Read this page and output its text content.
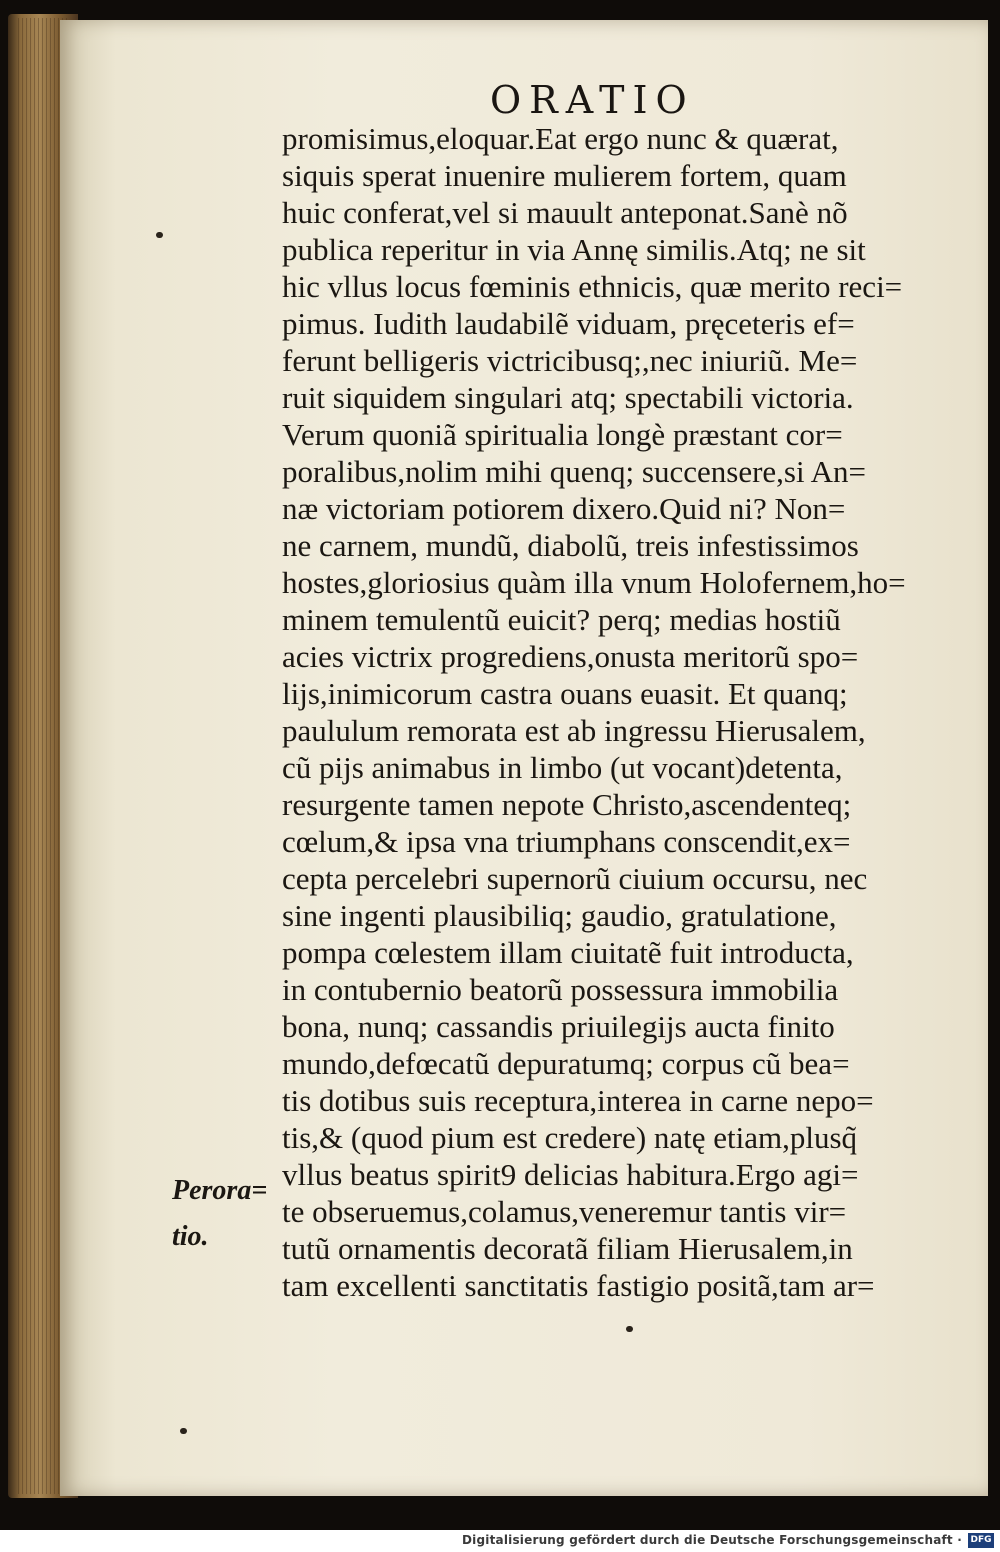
ORATIO
promisimus,eloquar.Eat ergo nunc & quærat,
siquis sperat inuenire mulierem fortem, quam
huic conferat,vel si mauult anteponat.Sanè nõ
publica reperitur in via Annę similis.Atq; ne sit
hic vllus locus fœminis ethnicis, quæ merito reci=
pimus. Iudith laudabilẽ viduam, pręceteris ef=
ferunt belligeris victricibusq;,nec iniuriũ. Me=
ruit siquidem singulari atq; spectabili victoria.
Verum quoniã spiritualia longè præstant cor=
poralibus,nolim mihi quenq; succensere,si An=
næ victoriam potiorem dixero.Quid ni? Non=
ne carnem, mundũ, diabolũ, treis infestissimos
hostes,gloriosius quàm illa vnum Holofernem,ho=
minem temulentũ euicit? perq; medias hostiũ
acies victrix progrediens,onusta meritorũ spo=
lijs,inimicorum castra ouans euasit. Et quanq;
paululum remorata est ab ingressu Hierusalem,
cũ pijs animabus in limbo (ut vocant)detenta,
resurgente tamen nepote Christo,ascendenteq;
cœlum,& ipsa vna triumphans conscendit,ex=
cepta percelebri supernorũ ciuium occursu, nec
sine ingenti plausibiliq; gaudio, gratulatione,
pompa cœlestem illam ciuitatẽ fuit introducta,
in contubernio beatorũ possessura immobilia
bona, nunq; cassandis priuilegijs aucta finito
mundo,defœcatũ depuratumq; corpus cũ bea=
tis dotibus suis receptura,interea in carne nepo=
tis,& (quod pium est credere) natę etiam,plusq̃
vllus beatus spirit9 delicias habitura.Ergo agi=
te obseruemus,colamus,veneremur tantis vir=
tutũ ornamentis decoratã filiam Hierusalem,in
tam excellenti sanctitatis fastigio positã,tam ar=
Perora=
tio.
Digitalisierung gefördert durch die Deutsche Forschungsgemeinschaft · DFG
